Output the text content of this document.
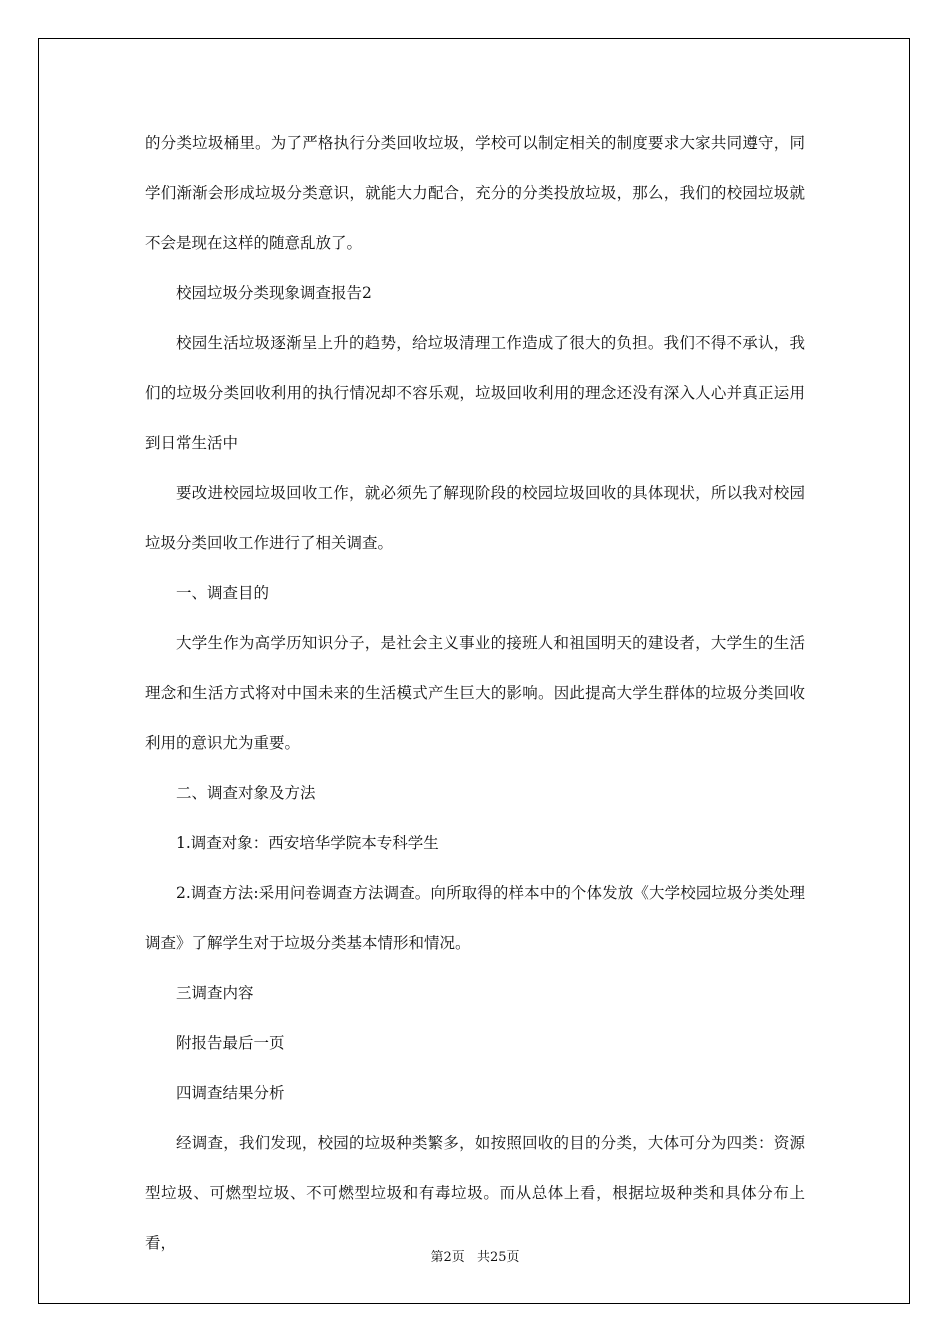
的分类垃圾桶里。为了严格执行分类回收垃圾，学校可以制定相关的制度要求大家共同遵守，同学们渐渐会形成垃圾分类意识，就能大力配合，充分的分类投放垃圾，那么，我们的校园垃圾就不会是现在这样的随意乱放了。

校园垃圾分类现象调查报告2

校园生活垃圾逐渐呈上升的趋势，给垃圾清理工作造成了很大的负担。我们不得不承认，我们的垃圾分类回收利用的执行情况却不容乐观，垃圾回收利用的理念还没有深入人心并真正运用到日常生活中

要改进校园垃圾回收工作，就必须先了解现阶段的校园垃圾回收的具体现状，所以我对校园垃圾分类回收工作进行了相关调查。

一、调查目的

大学生作为高学历知识分子，是社会主义事业的接班人和祖国明天的建设者，大学生的生活理念和生活方式将对中国未来的生活模式产生巨大的影响。因此提高大学生群体的垃圾分类回收利用的意识尤为重要。

二、调查对象及方法

1.调查对象：西安培华学院本专科学生

2.调查方法:采用问卷调查方法调查。向所取得的样本中的个体发放《大学校园垃圾分类处理调查》了解学生对于垃圾分类基本情形和情况。

三调查内容

附报告最后一页

四调查结果分析

经调查，我们发现，校园的垃圾种类繁多，如按照回收的目的分类，大体可分为四类：资源型垃圾、可燃型垃圾、不可燃型垃圾和有毒垃圾。而从总体上看，根据垃圾种类和具体分布上看，

第2页 共25页
